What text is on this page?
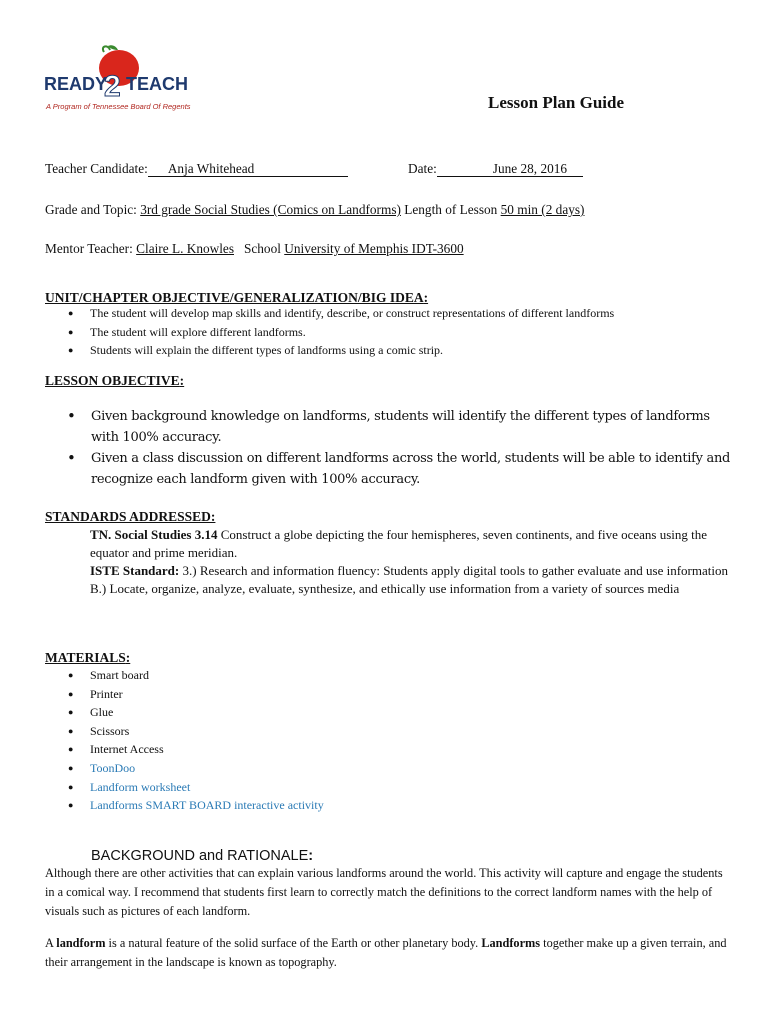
READY
2 TEACH
A Program of Tennessee Board Of Regents	Lesson Plan Guide
Teacher Candidate: Anja Whitehead	Date:	June 28, 2016
Grade and Topic: 3rd grade Social Studies (Comics on Landforms) Length of Lesson 50 min (2 days)
Mentor Teacher: Claire L. Knowles School University of Memphis IDT-3600
UNIT/CHAPTER OBJECTIVE/GENERALIZATION/BIG IDEA:
● The student will develop map skills and identify, describe, or construct representations of different landforms
● The student will explore different landforms.
● Students will explain the different types of landforms using a comic strip.
LESSON OBJECTIVE:
• Given background knowledge on landforms, students will identify the different types of landforms with 100% accuracy.
• Given a class discussion on different landforms across the world, students will be able to identify and recognize each landform given with 100% accuracy.
STANDARDS ADDRESSED:

TN. Social Studies 3.14 Construct a globe depicting the four hemispheres, seven continents, and five oceans using the equator and prime meridian.

ISTE Standard: 3.) Research and information fluency: Students apply digital tools to gather evaluate and use information

B.) Locate, organize, analyze, evaluate, synthesize, and ethically use information from a variety of sources media

MATERIALS:
● Smart board
● Printer
● Glue
● Scissors
● Internet Access
● ToonDoo
● Landform worksheet
● Landforms SMART BOARD interactive activity
BACKGROUND and RATIONALE:

Although there are other activities that can explain various landforms around the world. This activity will capture and engage the students in a comical way. I recommend that students first learn to correctly match the definitions to the correct landform names with the help of visuals such as pictures of each landform.

A landform is a natural feature of the solid surface of the Earth or other planetary body. Landforms together make up a given terrain, and their arrangement in the landscape is known as topography.
